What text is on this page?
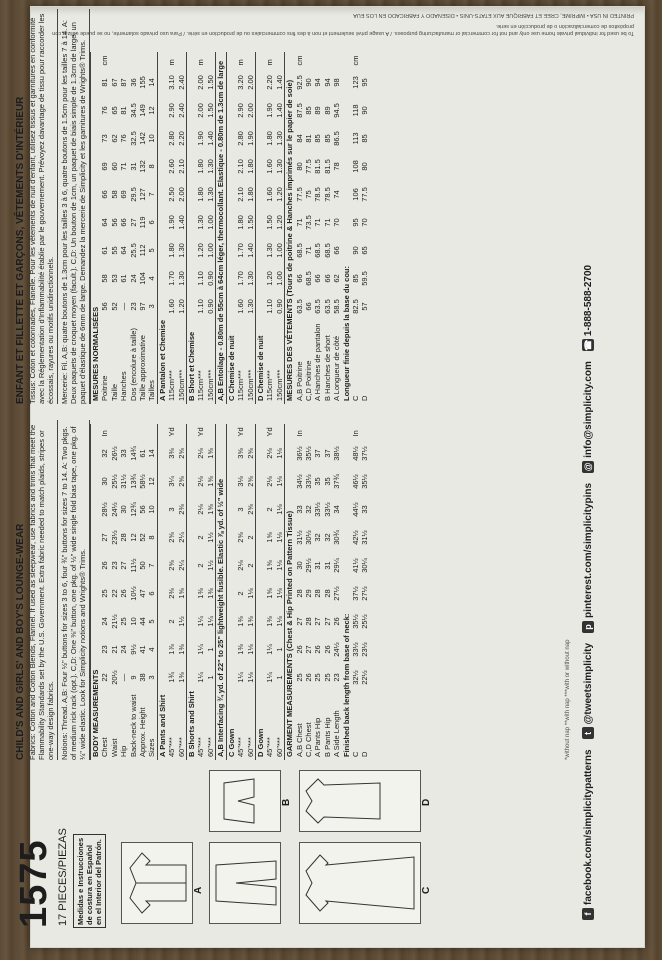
1575 17 PIECES/PIEZAS Medidas e Instrucciones de costura en Español en el Interior del Patrón.	A
B
C
D
CHILD'S AND GIRLS' AND BOY'S LOUNGE-WEAR Fabrics: Cotton and Cotton Blends, Flannel. If used as sleepwear, use fabrics and trims that meet the Flammability Standards set by the U.S. Government. Extra fabric needed to match plaids, stripes or one-way design fabrics. Notions: Thread. A,B: Four ½" buttons for sizes 3 to 6, four ¾" buttons for sizes 7 to 14. A: Two pkgs. of medium rick rack (opt.). C,D: One ⅜" button, one pkg. of ½" wide single fold bias tape, one pkg. of ¼" wide elastic. Look for Simplicity notions and Wrights® Trims. BODY MEASUREMENTS										
Chest	22	23	24	25	26	27	28½	30	32	In
Waist	20½	21	21½	22	23	23½	24½	25½	26½	
Hip	—	24	25	26	27	28	30	31½	33	
Back-neck to waist	9	9½	10	10½	11½	12	12¾	13¾	14¾	
Approx. Height	38	41	44	47	50	52	56	58½	61	
Sizes	3	4	5	6	7	8	10	12	14	
A Pants and Shirt										
45"***	1¾	1⅞	2	2⅜	2⅝	2⅝	3	3¼	3⅜	Yd
60"***	1⅜	1⅜	1½	1⅝	2¼	2¼	2⅜	2⅝	2⅝	
B Shorts and Shirt										
45"***	1¼	1¼	1¼	1⅜	2	2	2⅛	2⅛	2⅛	Yd
60"***	1	1	1¼	1⅜	1½	1½	1⅝	1⅝	1⅝	
A,B Interfacing ¾ yd. of 22" to 25" lightweight fusible. Elastic ⅞ yd. of ½" wide										
C Gown										
45"***	1¼	1⅜	1⅜	2	2⅛	2⅝	3	3⅛	3⅝	Yd
60"***	1⅛	1⅛	1⅜	1⅛	2	2	2⅝	2⅝	2⅝	
D Gown										
45"***	1¼	1¼	1⅜	1⅝	1⅝	1⅝	2	2⅛	2⅛	Yd
60"***	1	1	1⅛	1⅛	1⅛	1⅛	1⅛	1⅛	1⅛	
GARMENT MEASUREMENTS (Chest & Hip Printed on Pattern Tissue)										
A,B Chest	25	26	27	28	30	31½	33	34½	36½	In
C,D Chest	26	27	28	29	29½	30½	32	33½	35½	
A Pants Hip	25	26	27	28	31	32	33½	35	37	
B Pants Hip	25	26	27	28	31	32	33½	35	37	
A Side Length	23	24½	26	27½	29¼	30¾	34	37¾	38½	
Finished back length from base of neck:										
C	32½	33½	35½	37½	41½	42½	44½	46½	48½	In
D	22½	23½	25½	27½	30¼	31½	33	35½	37½	
ENFANT ET FILLETTE ET GARÇONS, VÊTEMENTS D'INTÉRIEUR Tissus: Coton et cotonnades, Flanelle. Pour les vêtements de nuit d'enfant, utilisez tissus et garnitures en conformité avec la Réglementation d'Inflammabilité établie par le gouvernement. Prévoyez davantage de tissu pour raccorder les écossais, rayures ou motifs unidirectionnels. Mercerie: Fil. A,B: quatre boutons de 1.3cm pour les tailles 3 à 6, quatre boutons de 1.5cm pour les tailles 7 à 14. A: Deux paquets de croquet moyen (facult.). C,D: Un bouton de 1cm, un paquet de biais simple de 1.3cm de large, un paquet d'élastique de 6mm de large. Demandez la mercerie de Simplicity et les garnitures de Wrights® Trims. MESURES NORMALISÉES										
Poitrine	56	58	61	64	66	69	73	76	81	cm
Taille	52	53	55	56	58	60	62	65	67	
Hanches	—	61	64	66	69	71	76	81	87	
Dos (encolure à taille)	23	24	25.5	27	29.5	31	32.5	34.5	36	
Taille approximative	97	104	112	119	127	132	142	149	155	
Tailles	3	4	5	6	7	8	10	12	14	
A Pantalon et Chemise										
115cm***	1.60	1.70	1.80	1.90	2.50	2.60	2.80	2.90	3.10	m
150cm***	1.20	1.30	1.30	1.40	2.00	2.10	2.20	2.40	2.40	
B Short et Chemise										
115cm***	1.10	1.10	1.20	1.30	1.80	1.80	1.90	2.00	2.00	m
150cm***	0.90	0.90	1.00	1.00	1.30	1.30	1.40	1.50	1.50	
A,B Entoilage - 0.80m de 55cm à 64cm léger, thermocollant. Elastique - 0.80m de 1.3cm de large										
C Chemise de nuit										
115cm***	1.60	1.70	1.70	1.80	2.10	2.10	2.80	2.90	3.20	m
150cm***	1.30	1.30	1.40	1.50	1.80	1.80	1.90	2.00	2.00	
D Chemise de nuit										
115cm***	1.10	1.20	1.30	1.50	1.60	1.60	1.80	1.90	2.20	m
150cm***	0.90	1.00	1.00	1.20	1.20	1.30	1.30	1.40	1.40	
MESURES DES VÊTEMENTS (Tours de poitrine & Hanches imprimés sur le papier de soie)										
A,B Poitrine	63.5	66	68.5	71	77.5	80	84	87.5	92.5	cm
C,D Poitrine	66	68.5	71	73.5	75	77.5	81	85	90	
A Hanches de pantalon	63.5	66	68.5	71	78.5	81.5	85	89	94	
B Hanches de short	63.5	66	68.5	71	78.5	81.5	85	89	94	
A Longueur de côté	58.5	62	66	70	74	78	86.5	94.5	98	
Longueur finie depuis la base du cou:										
C	82.5	85	90	95	106	108	113	118	123	cm
D	57	59.5	65	70	77.5	80	85	90	95	
*without nap **with nap ***with or without nap
ffacebook.com/simplicitypatterns
t@tweetsimplicity
ppinterest.com/simplicitypins
@info@simplicity.com
☎1-888-588-2700
PRINTED IN USA • IMPRIMÉ, CREE ET FABRIQUE AUX ÉTATS-UNIS • DISEÑADO Y FABRICADO EN LOS EUA
To be used for individual private home use only and not for commercial or manufacturing purposes. / A usage privé seulement et non à des fins commerciales ou de production en série. / Para uso privado solamente, no se puede utilizar con propósitos de comercialización o de producción en serie.
